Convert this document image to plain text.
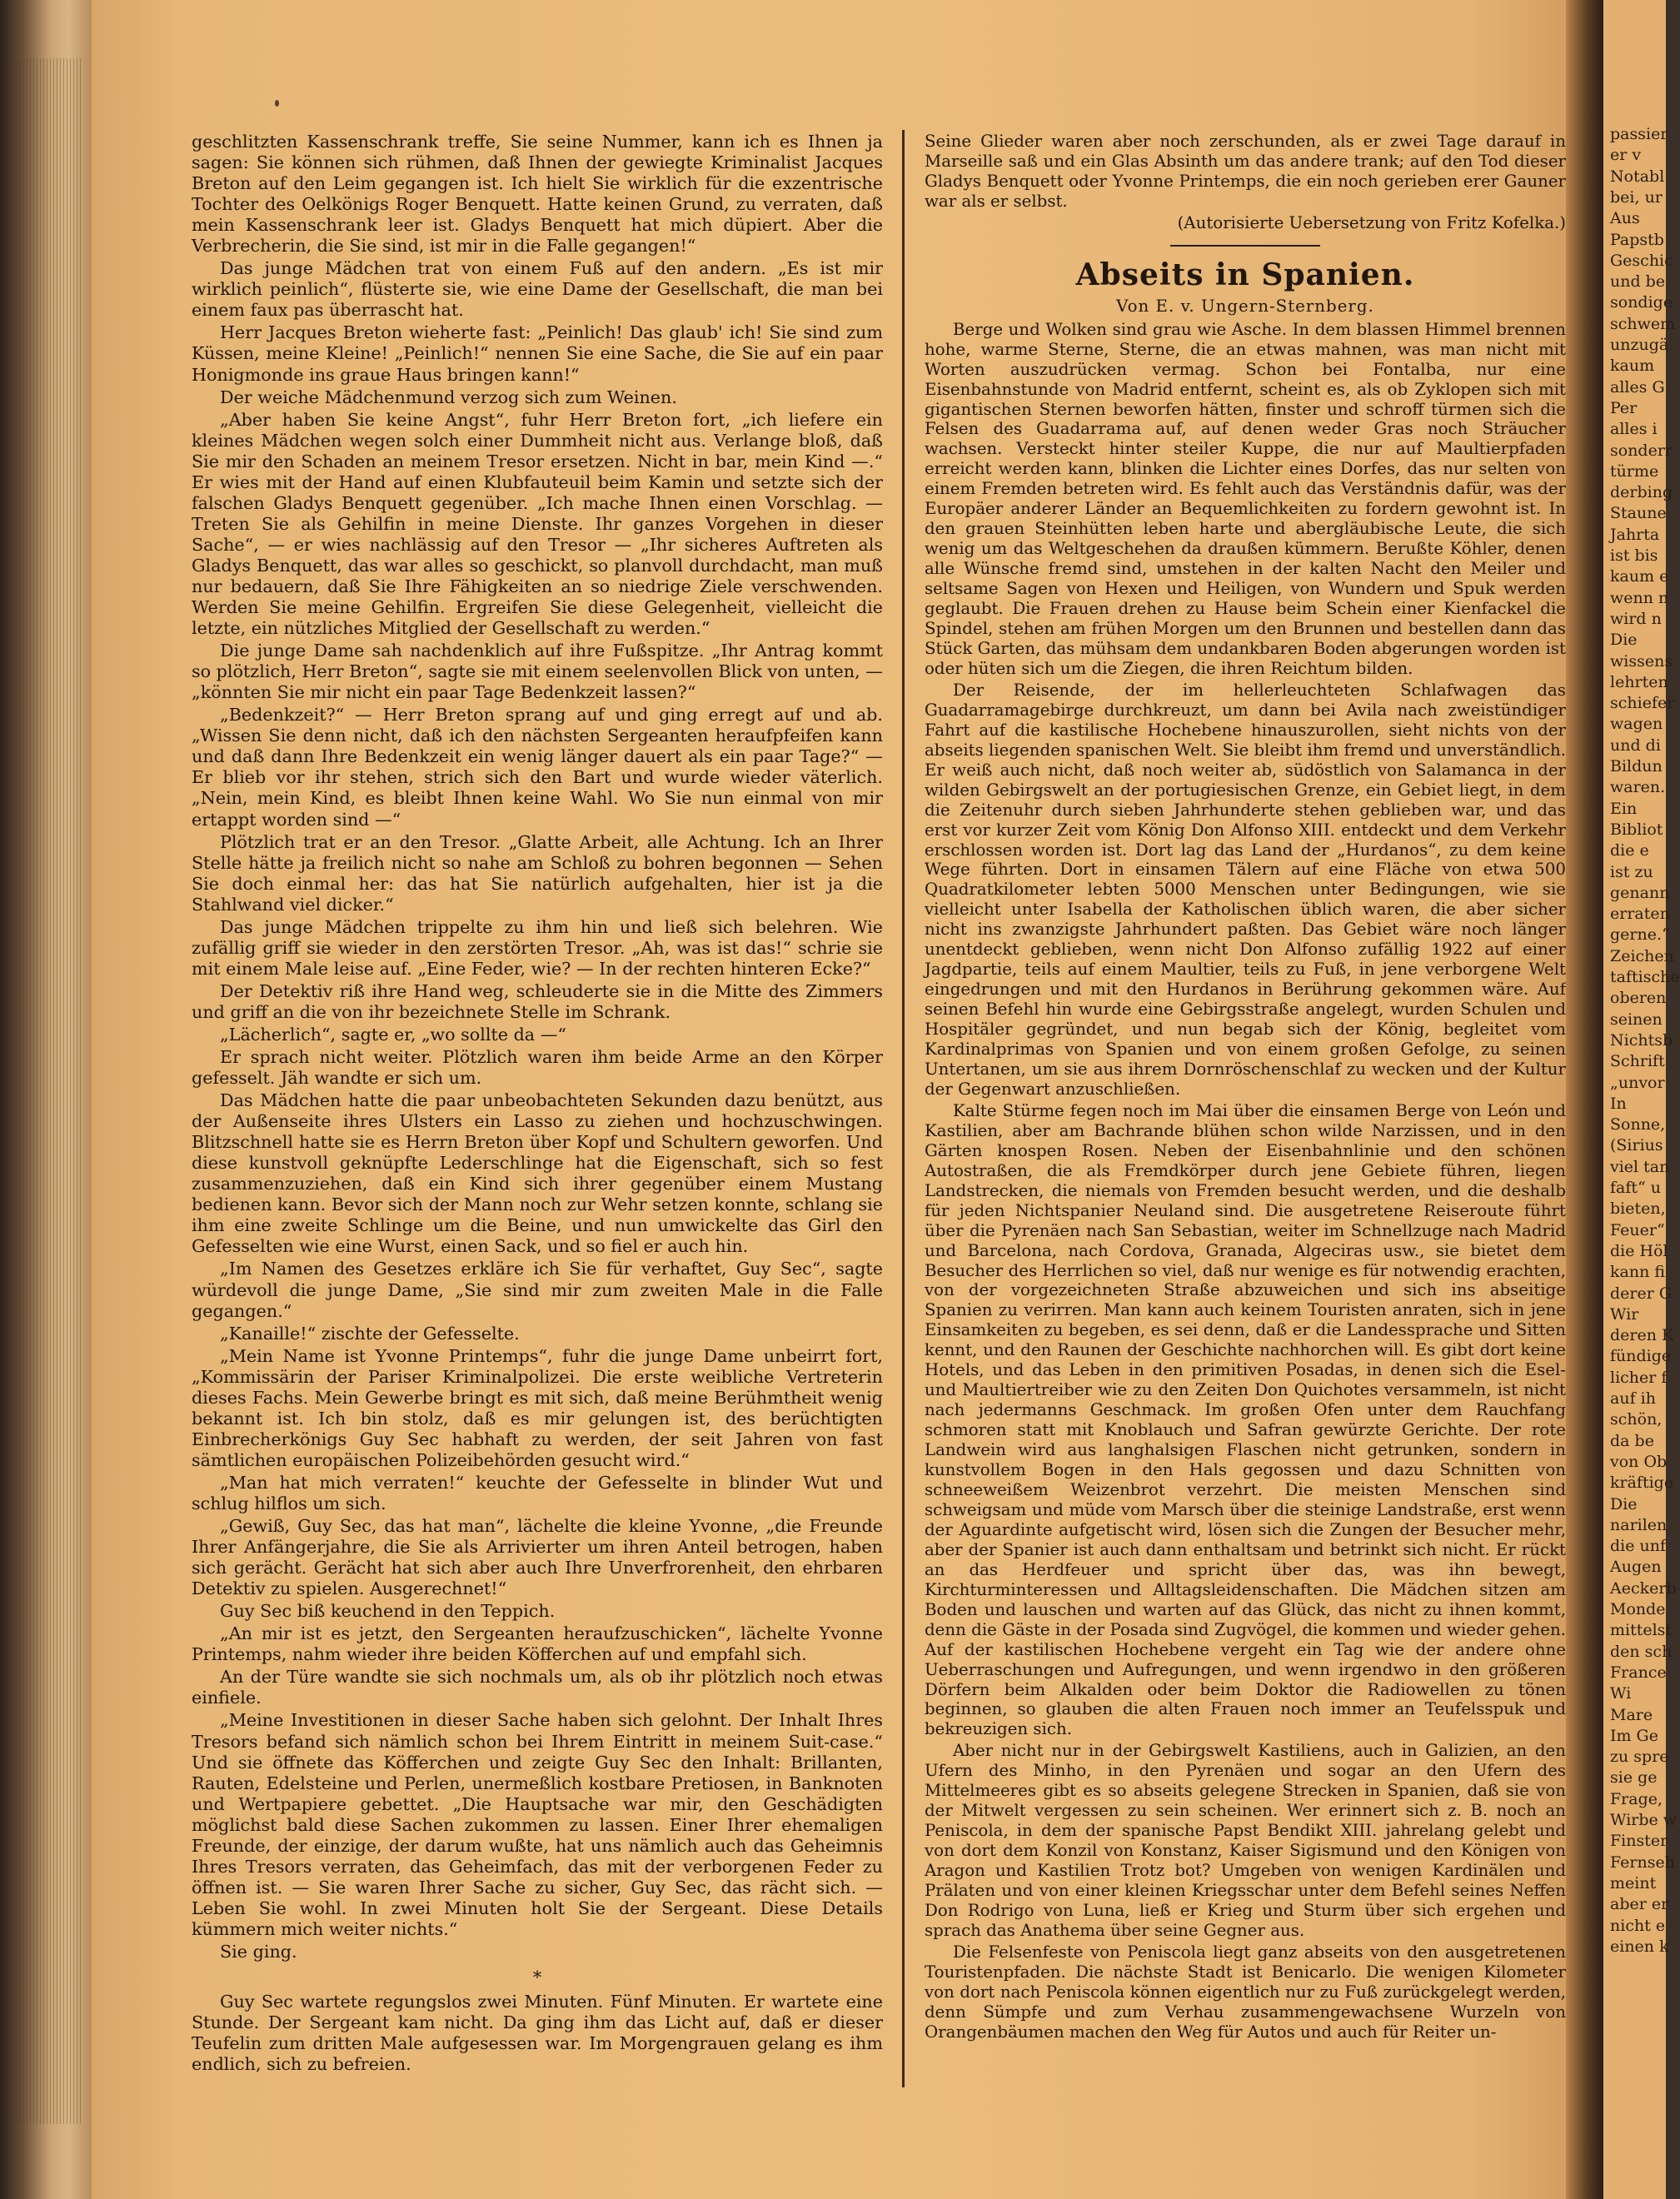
geschlitzten Kassenschrank treffe, Sie seine Nummer, kann ich es Ihnen ja sagen: Sie können sich rühmen, daß Ihnen der gewiegte Kriminalist Jacques Breton auf den Leim gegangen ist. Ich hielt Sie wirklich für die exzentrische Tochter des Oelkönigs Roger Benquett. Hatte keinen Grund, zu verraten, daß mein Kassenschrank leer ist. Gladys Benquett hat mich düpiert. Aber die Verbrecherin, die Sie sind, ist mir in die Falle gegangen!“

Das junge Mädchen trat von einem Fuß auf den andern. „Es ist mir wirklich peinlich“, flüsterte sie, wie eine Dame der Gesellschaft, die man bei einem faux pas überrascht hat.

Herr Jacques Breton wieherte fast: „Peinlich! Das glaub' ich! Sie sind zum Küssen, meine Kleine! „Peinlich!“ nennen Sie eine Sache, die Sie auf ein paar Honigmonde ins graue Haus bringen kann!“

Der weiche Mädchenmund verzog sich zum Weinen.

„Aber haben Sie keine Angst“, fuhr Herr Breton fort, „ich liefere ein kleines Mädchen wegen solch einer Dummheit nicht aus. Verlange bloß, daß Sie mir den Schaden an meinem Tresor ersetzen. Nicht in bar, mein Kind —.“ Er wies mit der Hand auf einen Klubfauteuil beim Kamin und setzte sich der falschen Gladys Benquett gegenüber. „Ich mache Ihnen einen Vorschlag. — Treten Sie als Gehilfin in meine Dienste. Ihr ganzes Vorgehen in dieser Sache“, — er wies nachlässig auf den Tresor — „Ihr sicheres Auftreten als Gladys Benquett, das war alles so geschickt, so planvoll durchdacht, man muß nur bedauern, daß Sie Ihre Fähigkeiten an so niedrige Ziele verschwenden. Werden Sie meine Gehilfin. Ergreifen Sie diese Gelegenheit, vielleicht die letzte, ein nützliches Mitglied der Gesellschaft zu werden.“

Die junge Dame sah nachdenklich auf ihre Fußspitze. „Ihr Antrag kommt so plötzlich, Herr Breton“, sagte sie mit einem seelenvollen Blick von unten, — „könnten Sie mir nicht ein paar Tage Bedenkzeit lassen?“

„Bedenkzeit?“ — Herr Breton sprang auf und ging erregt auf und ab. „Wissen Sie denn nicht, daß ich den nächsten Sergeanten heraufpfeifen kann und daß dann Ihre Bedenkzeit ein wenig länger dauert als ein paar Tage?“ — Er blieb vor ihr stehen, strich sich den Bart und wurde wieder väterlich. „Nein, mein Kind, es bleibt Ihnen keine Wahl. Wo Sie nun einmal von mir ertappt worden sind —“

Plötzlich trat er an den Tresor. „Glatte Arbeit, alle Achtung. Ich an Ihrer Stelle hätte ja freilich nicht so nahe am Schloß zu bohren begonnen — Sehen Sie doch einmal her: das hat Sie natürlich aufgehalten, hier ist ja die Stahlwand viel dicker.“

Das junge Mädchen trippelte zu ihm hin und ließ sich belehren. Wie zufällig griff sie wieder in den zerstörten Tresor. „Ah, was ist das!“ schrie sie mit einem Male leise auf. „Eine Feder, wie? — In der rechten hinteren Ecke?“

Der Detektiv riß ihre Hand weg, schleuderte sie in die Mitte des Zimmers und griff an die von ihr bezeichnete Stelle im Schrank.

„Lächerlich“, sagte er, „wo sollte da —“

Er sprach nicht weiter. Plötzlich waren ihm beide Arme an den Körper gefesselt. Jäh wandte er sich um.

Das Mädchen hatte die paar unbeobachteten Sekunden dazu benützt, aus der Außenseite ihres Ulsters ein Lasso zu ziehen und hochzuschwingen. Blitzschnell hatte sie es Herrn Breton über Kopf und Schultern geworfen. Und diese kunstvoll geknüpfte Lederschlinge hat die Eigenschaft, sich so fest zusammenzuziehen, daß ein Kind sich ihrer gegenüber einem Mustang bedienen kann. Bevor sich der Mann noch zur Wehr setzen konnte, schlang sie ihm eine zweite Schlinge um die Beine, und nun umwickelte das Girl den Gefesselten wie eine Wurst, einen Sack, und so fiel er auch hin.

„Im Namen des Gesetzes erkläre ich Sie für verhaftet, Guy Sec“, sagte würdevoll die junge Dame, „Sie sind mir zum zweiten Male in die Falle gegangen.“

„Kanaille!“ zischte der Gefesselte.

„Mein Name ist Yvonne Printemps“, fuhr die junge Dame unbeirrt fort, „Kommissärin der Pariser Kriminalpolizei. Die erste weibliche Vertreterin dieses Fachs. Mein Gewerbe bringt es mit sich, daß meine Berühmtheit wenig bekannt ist. Ich bin stolz, daß es mir gelungen ist, des berüchtigten Einbrecherkönigs Guy Sec habhaft zu werden, der seit Jahren von fast sämtlichen europäischen Polizeibehörden gesucht wird.“

„Man hat mich verraten!“ keuchte der Gefesselte in blinder Wut und schlug hilflos um sich.

„Gewiß, Guy Sec, das hat man“, lächelte die kleine Yvonne, „die Freunde Ihrer Anfängerjahre, die Sie als Arrivierter um ihren Anteil betrogen, haben sich gerächt. Gerächt hat sich aber auch Ihre Unverfrorenheit, den ehrbaren Detektiv zu spielen. Ausgerechnet!“

Guy Sec biß keuchend in den Teppich.

„An mir ist es jetzt, den Sergeanten heraufzuschicken“, lächelte Yvonne Printemps, nahm wieder ihre beiden Köfferchen auf und empfahl sich.

An der Türe wandte sie sich nochmals um, als ob ihr plötzlich noch etwas einfiele.

„Meine Investitionen in dieser Sache haben sich gelohnt. Der Inhalt Ihres Tresors befand sich nämlich schon bei Ihrem Eintritt in meinem Suit-case.“ Und sie öffnete das Köfferchen und zeigte Guy Sec den Inhalt: Brillanten, Rauten, Edelsteine und Perlen, unermeßlich kostbare Pretiosen, in Banknoten und Wertpapiere gebettet. „Die Hauptsache war mir, den Geschädigten möglichst bald diese Sachen zukommen zu lassen. Einer Ihrer ehemaligen Freunde, der einzige, der darum wußte, hat uns nämlich auch das Geheimnis Ihres Tresors verraten, das Geheimfach, das mit der verborgenen Feder zu öffnen ist. — Sie waren Ihrer Sache zu sicher, Guy Sec, das rächt sich. — Leben Sie wohl. In zwei Minuten holt Sie der Sergeant. Diese Details kümmern mich weiter nichts.“

Sie ging.

*

Guy Sec wartete regungslos zwei Minuten. Fünf Minuten. Er wartete eine Stunde. Der Sergeant kam nicht. Da ging ihm das Licht auf, daß er dieser Teufelin zum dritten Male aufgesessen war. Im Morgengrauen gelang es ihm endlich, sich zu befreien.

Seine Glieder waren aber noch zerschunden, als er zwei Tage darauf in Marseille saß und ein Glas Absinth um das andere trank; auf den Tod dieser Gladys Benquett oder Yvonne Printemps, die ein noch gerieben erer Gauner war als er selbst.

(Autorisierte Uebersetzung von Fritz Kofelka.)

Abseits in Spanien.
Von E. v. Ungern-Sternberg.

Berge und Wolken sind grau wie Asche. In dem blassen Himmel brennen hohe, warme Sterne, Sterne, die an etwas mahnen, was man nicht mit Worten auszudrücken vermag. Schon bei Fontalba, nur eine Eisenbahnstunde von Madrid entfernt, scheint es, als ob Zyklopen sich mit gigantischen Sternen beworfen hätten, finster und schroff türmen sich die Felsen des Guadarrama auf, auf denen weder Gras noch Sträucher wachsen. Versteckt hinter steiler Kuppe, die nur auf Maultierpfaden erreicht werden kann, blinken die Lichter eines Dorfes, das nur selten von einem Fremden betreten wird. Es fehlt auch das Verständnis dafür, was der Europäer anderer Länder an Bequemlichkeiten zu fordern gewohnt ist. In den grauen Steinhütten leben harte und abergläubische Leute, die sich wenig um das Weltgeschehen da draußen kümmern. Berußte Köhler, denen alle Wünsche fremd sind, umstehen in der kalten Nacht den Meiler und seltsame Sagen von Hexen und Heiligen, von Wundern und Spuk werden geglaubt. Die Frauen drehen zu Hause beim Schein einer Kienfackel die Spindel, stehen am frühen Morgen um den Brunnen und bestellen dann das Stück Garten, das mühsam dem undankbaren Boden abgerungen worden ist oder hüten sich um die Ziegen, die ihren Reichtum bilden.

Der Reisende, der im hellerleuchteten Schlafwagen das Guadarramagebirge durchkreuzt, um dann bei Avila nach zweistündiger Fahrt auf die kastilische Hochebene hinauszurollen, sieht nichts von der abseits liegenden spanischen Welt. Sie bleibt ihm fremd und unverständlich. Er weiß auch nicht, daß noch weiter ab, südöstlich von Salamanca in der wilden Gebirgswelt an der portugiesischen Grenze, ein Gebiet liegt, in dem die Zeitenuhr durch sieben Jahrhunderte stehen geblieben war, und das erst vor kurzer Zeit vom König Don Alfonso XIII. entdeckt und dem Verkehr erschlossen worden ist. Dort lag das Land der „Hurdanos“, zu dem keine Wege führten. Dort in einsamen Tälern auf eine Fläche von etwa 500 Quadratkilometer lebten 5000 Menschen unter Bedingungen, wie sie vielleicht unter Isabella der Katholischen üblich waren, die aber sicher nicht ins zwanzigste Jahrhundert paßten. Das Gebiet wäre noch länger unentdeckt geblieben, wenn nicht Don Alfonso zufällig 1922 auf einer Jagdpartie, teils auf einem Maultier, teils zu Fuß, in jene verborgene Welt eingedrungen und mit den Hurdanos in Berührung gekommen wäre. Auf seinen Befehl hin wurde eine Gebirgsstraße angelegt, wurden Schulen und Hospitäler gegründet, und nun begab sich der König, begleitet vom Kardinalprimas von Spanien und von einem großen Gefolge, zu seinen Untertanen, um sie aus ihrem Dornröschenschlaf zu wecken und der Kultur der Gegenwart anzuschließen.

Kalte Stürme fegen noch im Mai über die einsamen Berge von León und Kastilien, aber am Bachrande blühen schon wilde Narzissen, und in den Gärten knospen Rosen. Neben der Eisenbahnlinie und den schönen Autostraßen, die als Fremdkörper durch jene Gebiete führen, liegen Landstrecken, die niemals von Fremden besucht werden, und die deshalb für jeden Nichtspanier Neuland sind. Die ausgetretene Reiseroute führt über die Pyrenäen nach San Sebastian, weiter im Schnellzuge nach Madrid und Barcelona, nach Cordova, Granada, Algeciras usw., sie bietet dem Besucher des Herrlichen so viel, daß nur wenige es für notwendig erachten, von der vorgezeichneten Straße abzuweichen und sich ins abseitige Spanien zu verirren. Man kann auch keinem Touristen anraten, sich in jene Einsamkeiten zu begeben, es sei denn, daß er die Landessprache und Sitten kennt, und den Raunen der Geschichte nachhorchen will. Es gibt dort keine Hotels, und das Leben in den primitiven Posadas, in denen sich die Esel- und Maultiertreiber wie zu den Zeiten Don Quichotes versammeln, ist nicht nach jedermanns Geschmack. Im großen Ofen unter dem Rauchfang schmoren statt mit Knoblauch und Safran gewürzte Gerichte. Der rote Landwein wird aus langhalsigen Flaschen nicht getrunken, sondern in kunstvollem Bogen in den Hals gegossen und dazu Schnitten von schneeweißem Weizenbrot verzehrt. Die meisten Menschen sind schweigsam und müde vom Marsch über die steinige Landstraße, erst wenn der Aguardinte aufgetischt wird, lösen sich die Zungen der Besucher mehr, aber der Spanier ist auch dann enthaltsam und betrinkt sich nicht. Er rückt an das Herdfeuer und spricht über das, was ihn bewegt, Kirchturminteressen und Alltagsleidenschaften. Die Mädchen sitzen am Boden und lauschen und warten auf das Glück, das nicht zu ihnen kommt, denn die Gäste in der Posada sind Zugvögel, die kommen und wieder gehen. Auf der kastilischen Hochebene vergeht ein Tag wie der andere ohne Ueberraschungen und Aufregungen, und wenn irgendwo in den größeren Dörfern beim Alkalden oder beim Doktor die Radiowellen zu tönen beginnen, so glauben die alten Frauen noch immer an Teufelsspuk und bekreuzigen sich.

Aber nicht nur in der Gebirgswelt Kastiliens, auch in Galizien, an den Ufern des Minho, in den Pyrenäen und sogar an den Ufern des Mittelmeeres gibt es so abseits gelegene Strecken in Spanien, daß sie von der Mitwelt vergessen zu sein scheinen. Wer erinnert sich z. B. noch an Peniscola, in dem der spanische Papst Bendikt XIII. jahrelang gelebt und von dort dem Konzil von Konstanz, Kaiser Sigismund und den Königen von Aragon und Kastilien Trotz bot? Umgeben von wenigen Kardinälen und Prälaten und von einer kleinen Kriegsschar unter dem Befehl seines Neffen Don Rodrigo von Luna, ließ er Krieg und Sturm über sich ergehen und sprach das Anathema über seine Gegner aus.

Die Felsenfeste von Peniscola liegt ganz abseits von den ausgetretenen Touristenpfaden. Die nächste Stadt ist Benicarlo. Die wenigen Kilometer von dort nach Peniscola können eigentlich nur zu Fuß zurückgelegt werden, denn Sümpfe und zum Verhau zusammengewachsene Wurzeln von Orangenbäumen machen den Weg für Autos und auch für Reiter un-

passier
er v
Notabl
bei, ur
Aus
Papstb
Geschic
und be
sondige
schwem
unzugä
kaum
alles G
Per
alles i
sonderr
türme
derbing
Staune
Jahrta
ist bis
kaum e
wenn n
wird n
Die
wissens
lehrten
schiefer
wagen
und di
Bildun
waren.
Ein
Bibliot
die e
ist zu
genann
erraten
gerne.“
Zeichen
taftische
oberen
seinen
Nichtsb
Schrift
„unvor
In
Sonne,
(Sirius
viel tan
faft“ u
bieten,
Feuer“
die Höl
kann fi
derer G
Wir
deren K
fündige
licher f
auf ih
schön,
da be
von Ob
kräftige
Die
narilen
die unf
Augen
Aeckerb
Monde
mittelst
den sch
France
Wi
Mare
Im Ge
zu spre
sie ge
Frage,
Wirbe w
Finster
Fernseh
meint
aber er
nicht e
einen k
